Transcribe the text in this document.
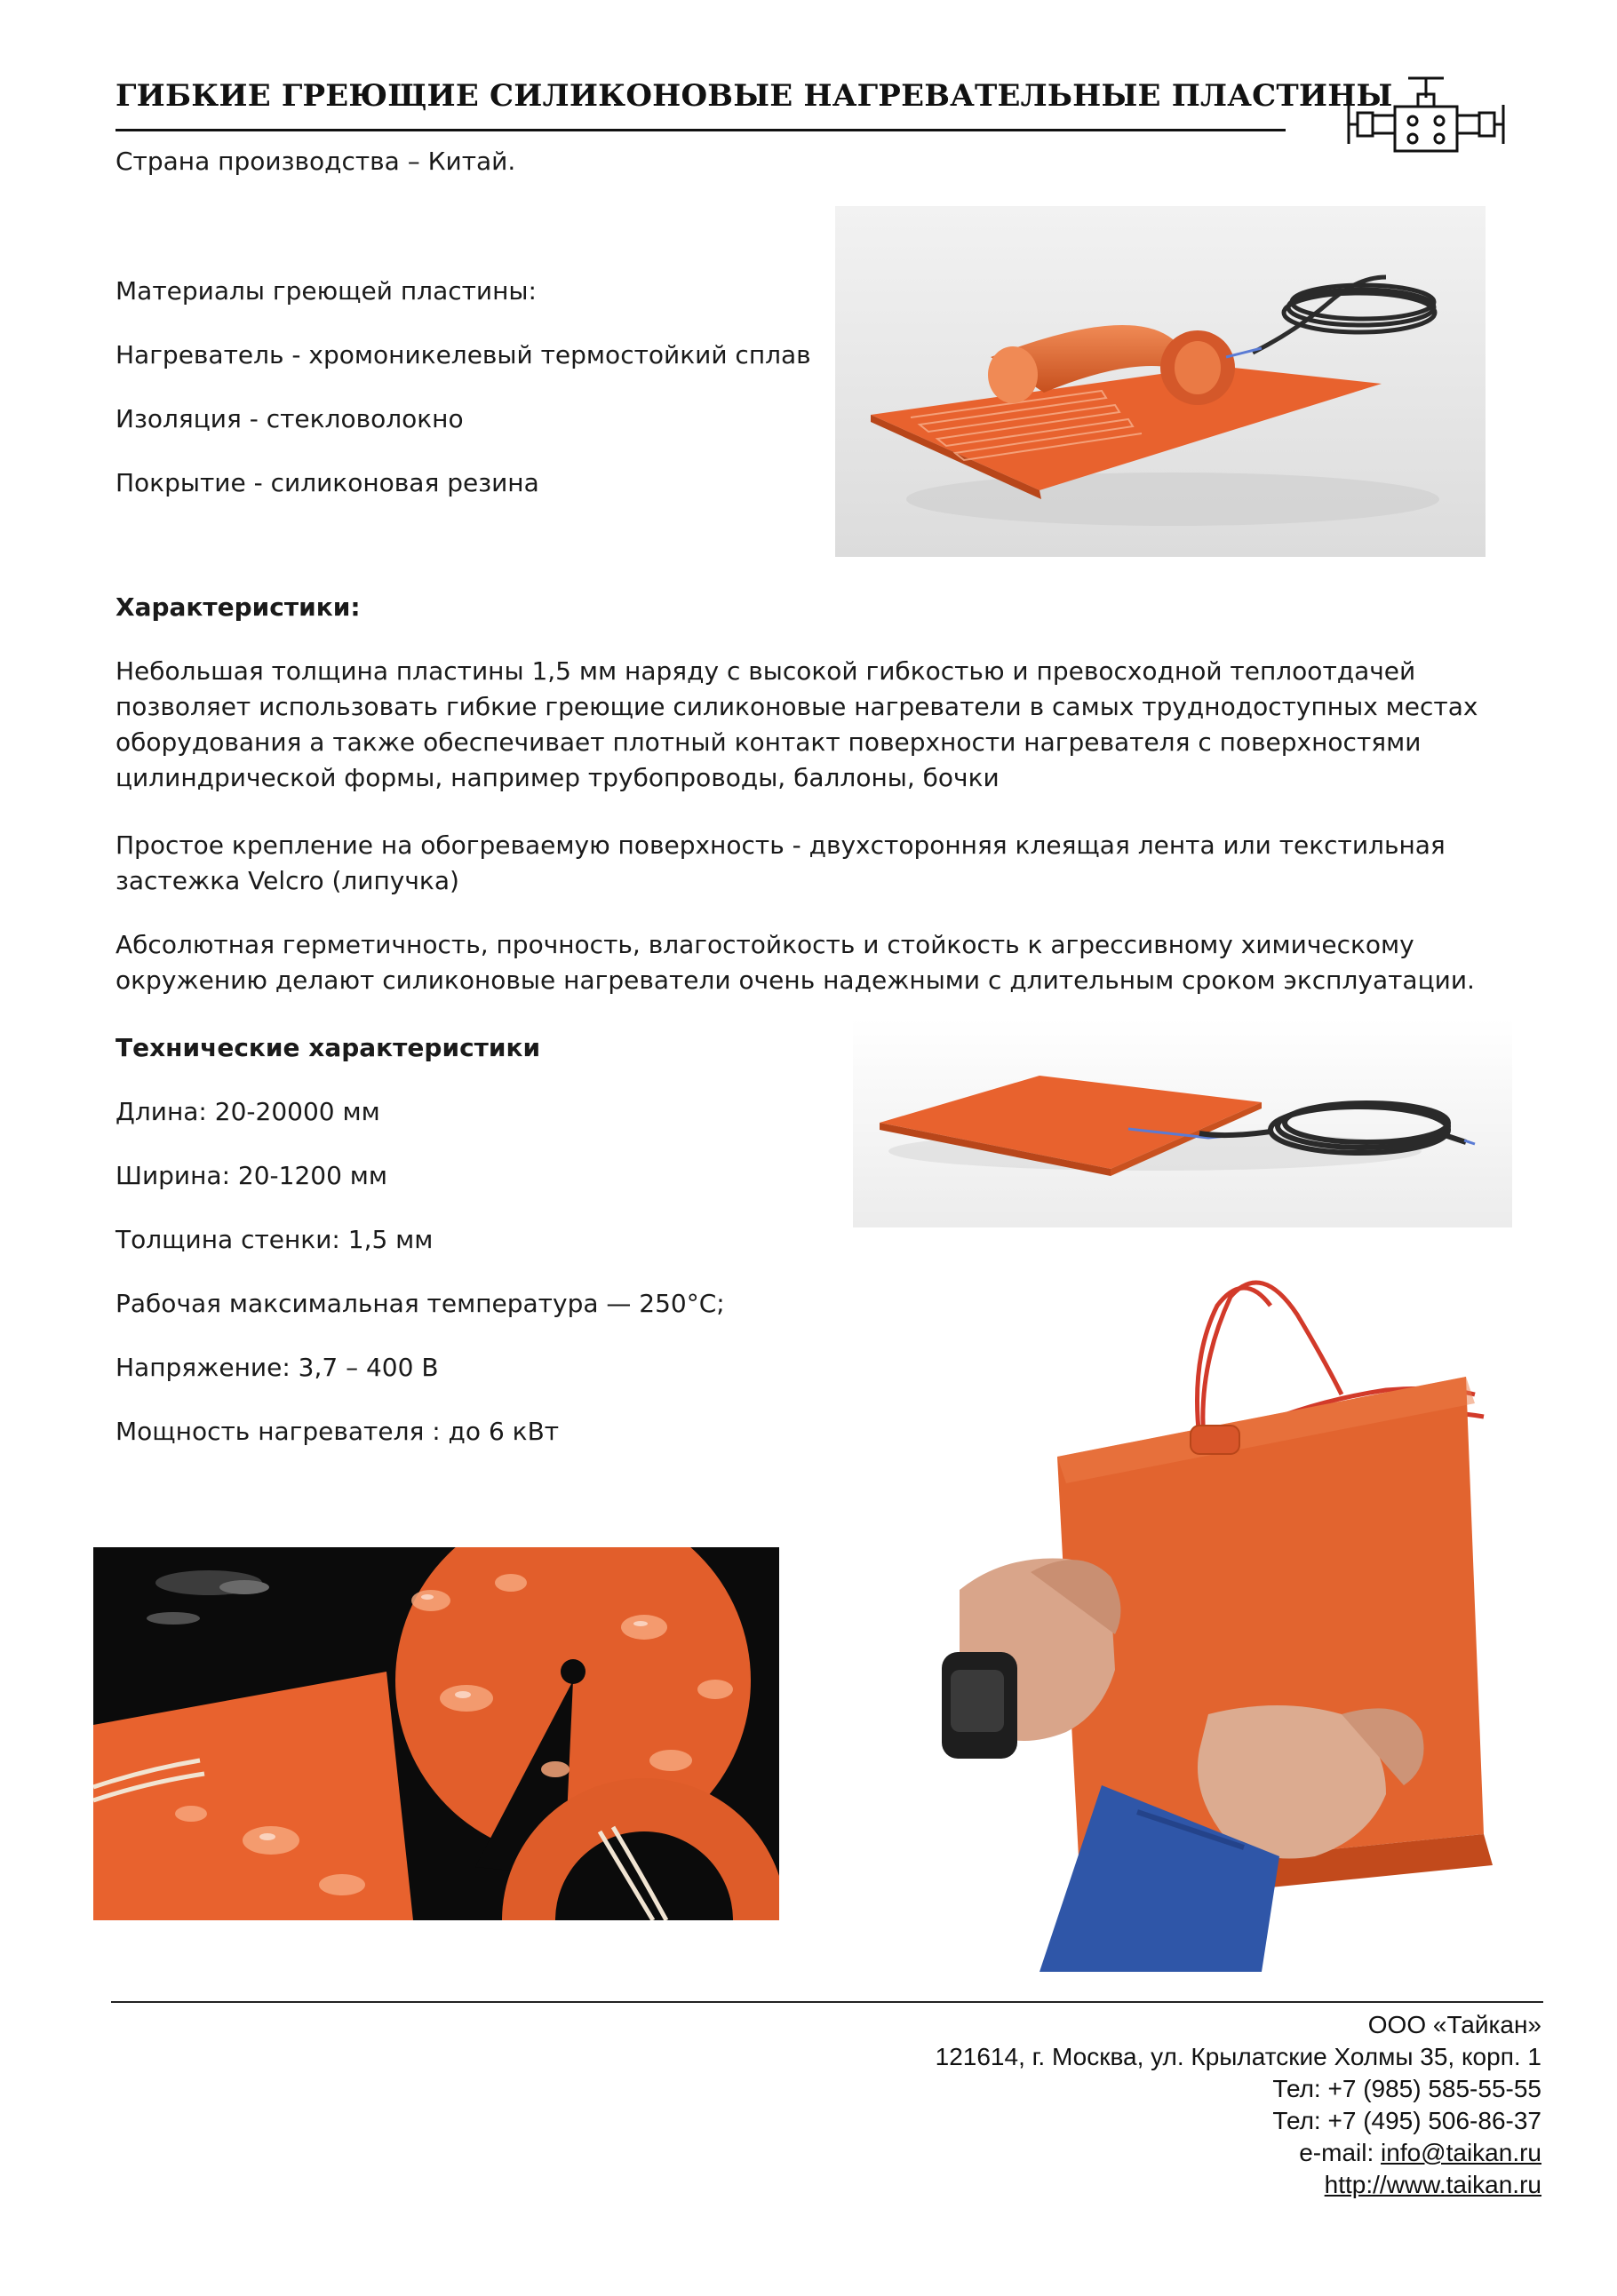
ГИБКИЕ ГРЕЮЩИЕ СИЛИКОНОВЫЕ НАГРЕВАТЕЛЬНЫЕ ПЛАСТИНЫ
Страна производства – Китай.
Материалы греющей пластины:
Нагреватель - хромоникелевый термостойкий сплав
Изоляция - стекловолокно
Покрытие - силиконовая резина
Характеристики:
Небольшая толщина пластины 1,5 мм наряду с высокой гибкостью и превосходной теплоотдачей позволяет использовать гибкие греющие силиконовые нагреватели в самых труднодоступных местах оборудования а также обеспечивает плотный контакт поверхности нагревателя с поверхностями цилиндрической формы, например трубопроводы, баллоны, бочки
Простое крепление на обогреваемую поверхность - двухсторонняя клеящая лента или текстильная застежка Velcro (липучка)
Абсолютная герметичность, прочность, влагостойкость и стойкость к агрессивному химическому окружению делают силиконовые нагреватели очень надежными с длительным сроком эксплуатации.
Технические характеристики
Длина: 20-20000 мм
Ширина: 20-1200 мм
Толщина стенки: 1,5 мм
Рабочая максимальная температура — 250°С;
Напряжение: 3,7 – 400 В
Мощность нагревателя : до 6 кВт
ООО «Тайкан»
121614, г. Москва, ул. Крылатские Холмы 35, корп. 1
Тел: +7 (985) 585-55-55
Тел: +7 (495) 506-86-37
e-mail: info@taikan.ru
http://www.taikan.ru
